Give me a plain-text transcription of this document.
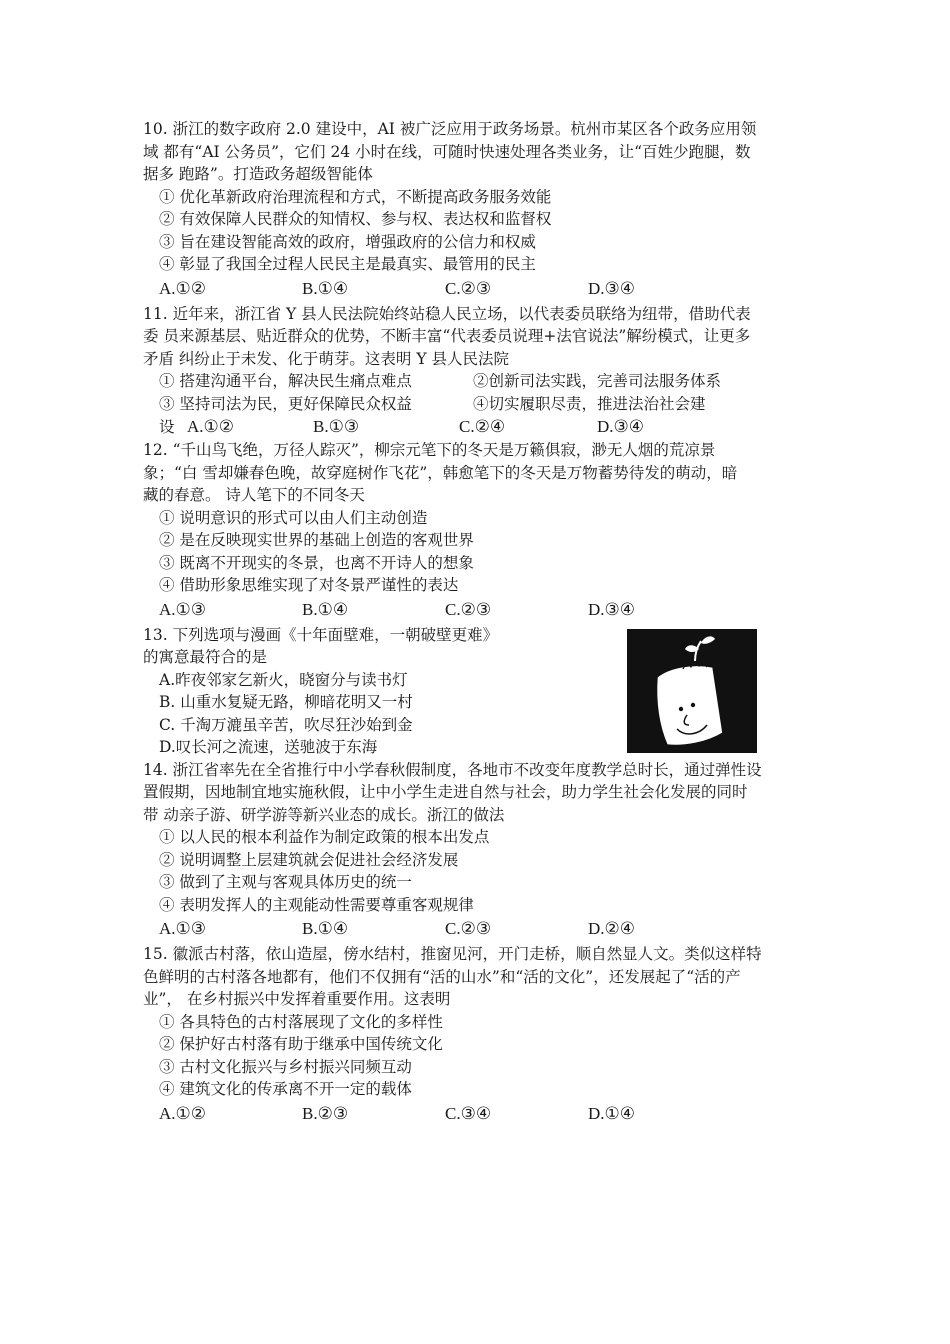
10. 浙江的数字政府 2.0 建设中，AI 被广泛应用于政务场景。杭州市某区各个政务应用领

域 都有“AI 公务员”，它们 24 小时在线，可随时快速处理各类业务，让“百姓少跑腿，数

据多 跑路”。打造政务超级智能体

① 优化革新政府治理流程和方式，不断提高政务服务效能

② 有效保障人民群众的知情权、参与权、表达权和监督权

③ 旨在建设智能高效的政府，增强政府的公信力和权威

④ 彰显了我国全过程人民民主是最真实、最管用的民主

A.①②	B.①④	C.②③	D.③④

11. 近年来，浙江省 Y 县人民法院始终站稳人民立场，以代表委员联络为纽带，借助代表

委 员来源基层、贴近群众的优势，不断丰富“代表委员说理+法官说法”解纷模式，让更多

矛盾 纠纷止于未发、化于萌芽。这表明 Y 县人民法院

① 搭建沟通平台，解决民生痛点难点	②创新司法实践，完善司法服务体系
③ 坚持司法为民，更好保障民众权益	④切实履职尽责，推进法治社会建
设 A.①②	B.①③	C.②④	D.③④

12. “千山鸟飞绝，万径人踪灭”，柳宗元笔下的冬天是万籁俱寂，渺无人烟的荒凉景

象；“白 雪却嫌春色晚，故穿庭树作飞花”，韩愈笔下的冬天是万物蓄势待发的萌动，暗

藏的春意。 诗人笔下的不同冬天

① 说明意识的形式可以由人们主动创造

② 是在反映现实世界的基础上创造的客观世界

③ 既离不开现实的冬景，也离不开诗人的想象

④ 借助形象思维实现了对冬景严谨性的表达

A.①③	B.①④	C.②③	D.③④

13. 下列选项与漫画《十年面壁难，一朝破壁更难》

的寓意最符合的是

A.昨夜邻家乞新火，晓窗分与读书灯

B. 山重水复疑无路，柳暗花明又一村

C. 千淘万漉虽辛苦，吹尽狂沙始到金

D.叹长河之流速，送驰波于东海

14. 浙江省率先在全省推行中小学春秋假制度，各地市不改变年度教学总时长，通过弹性设

置假期，因地制宜地实施秋假，让中小学生走进自然与社会，助力学生社会化发展的同时

带 动亲子游、研学游等新兴业态的成长。浙江的做法

① 以人民的根本利益作为制定政策的根本出发点

② 说明调整上层建筑就会促进社会经济发展

③ 做到了主观与客观具体历史的统一

④ 表明发挥人的主观能动性需要尊重客观规律

A.①③	B.①④	C.②③	D.②④

15. 徽派古村落，依山造屋，傍水结村，推窗见河，开门走桥，顺自然显人文。类似这样特

色鲜明的古村落各地都有，他们不仅拥有“活的山水”和“活的文化”，还发展起了“活的产

业”， 在乡村振兴中发挥着重要作用。这表明

① 各具特色的古村落展现了文化的多样性

② 保护好古村落有助于继承中国传统文化

③ 古村文化振兴与乡村振兴同频互动

④ 建筑文化的传承离不开一定的载体

A.①②	B.②③	C.③④	D.①④
